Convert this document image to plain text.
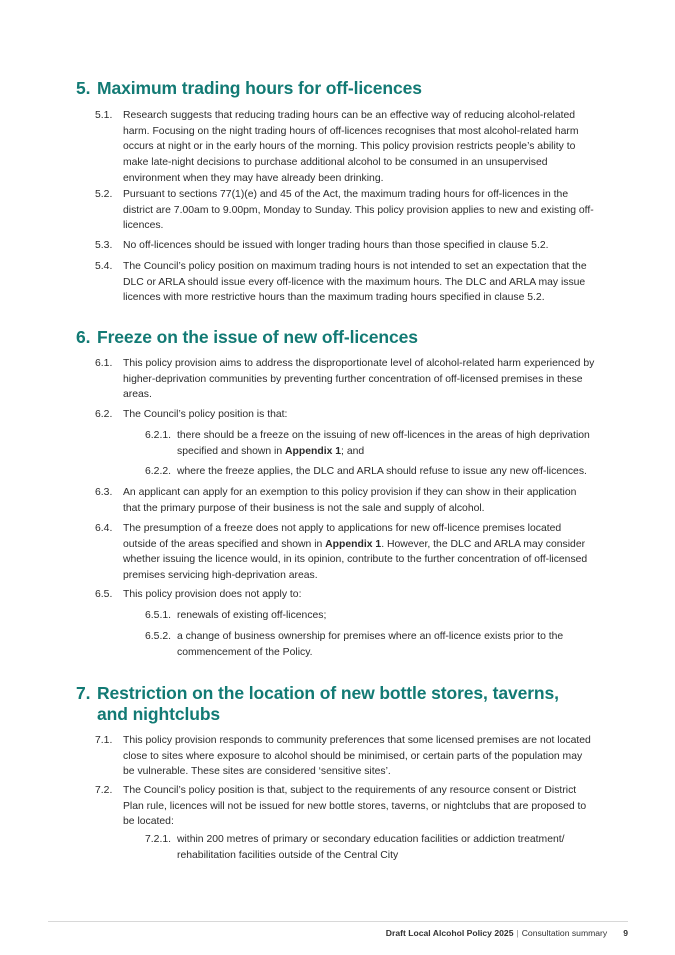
5. Maximum trading hours for off-licences
5.1. Research suggests that reducing trading hours can be an effective way of reducing alcohol-related harm. Focusing on the night trading hours of off-licences recognises that most alcohol-related harm occurs at night or in the early hours of the morning. This policy provision restricts people’s ability to make late-night decisions to purchase additional alcohol to be consumed in an unsupervised environment when they may have already been drinking.
5.2. Pursuant to sections 77(1)(e) and 45 of the Act, the maximum trading hours for off-licences in the district are 7.00am to 9.00pm, Monday to Sunday. This policy provision applies to new and existing off-licences.
5.3. No off-licences should be issued with longer trading hours than those specified in clause 5.2.
5.4. The Council’s policy position on maximum trading hours is not intended to set an expectation that the DLC or ARLA should issue every off-licence with the maximum hours. The DLC and ARLA may issue licences with more restrictive hours than the maximum trading hours specified in clause 5.2.
6. Freeze on the issue of new off-licences
6.1. This policy provision aims to address the disproportionate level of alcohol-related harm experienced by higher-deprivation communities by preventing further concentration of off-licensed premises in these areas.
6.2. The Council’s policy position is that:
6.2.1. there should be a freeze on the issuing of new off-licences in the areas of high deprivation specified and shown in Appendix 1; and
6.2.2. where the freeze applies, the DLC and ARLA should refuse to issue any new off-licences.
6.3. An applicant can apply for an exemption to this policy provision if they can show in their application that the primary purpose of their business is not the sale and supply of alcohol.
6.4. The presumption of a freeze does not apply to applications for new off-licence premises located outside of the areas specified and shown in Appendix 1. However, the DLC and ARLA may consider whether issuing the licence would, in its opinion, contribute to the further concentration of off-licensed premises servicing high-deprivation areas.
6.5. This policy provision does not apply to:
6.5.1. renewals of existing off-licences;
6.5.2. a change of business ownership for premises where an off-licence exists prior to the commencement of the Policy.
7. Restriction on the location of new bottle stores, taverns, and nightclubs
7.1. This policy provision responds to community preferences that some licensed premises are not located close to sites where exposure to alcohol should be minimised, or certain parts of the population may be vulnerable. These sites are considered ‘sensitive sites’.
7.2. The Council’s policy position is that, subject to the requirements of any resource consent or District Plan rule, licences will not be issued for new bottle stores, taverns, or nightclubs that are proposed to be located:
7.2.1. within 200 metres of primary or secondary education facilities or addiction treatment/ rehabilitation facilities outside of the Central City
Draft Local Alcohol Policy 2025 | Consultation summary 9
